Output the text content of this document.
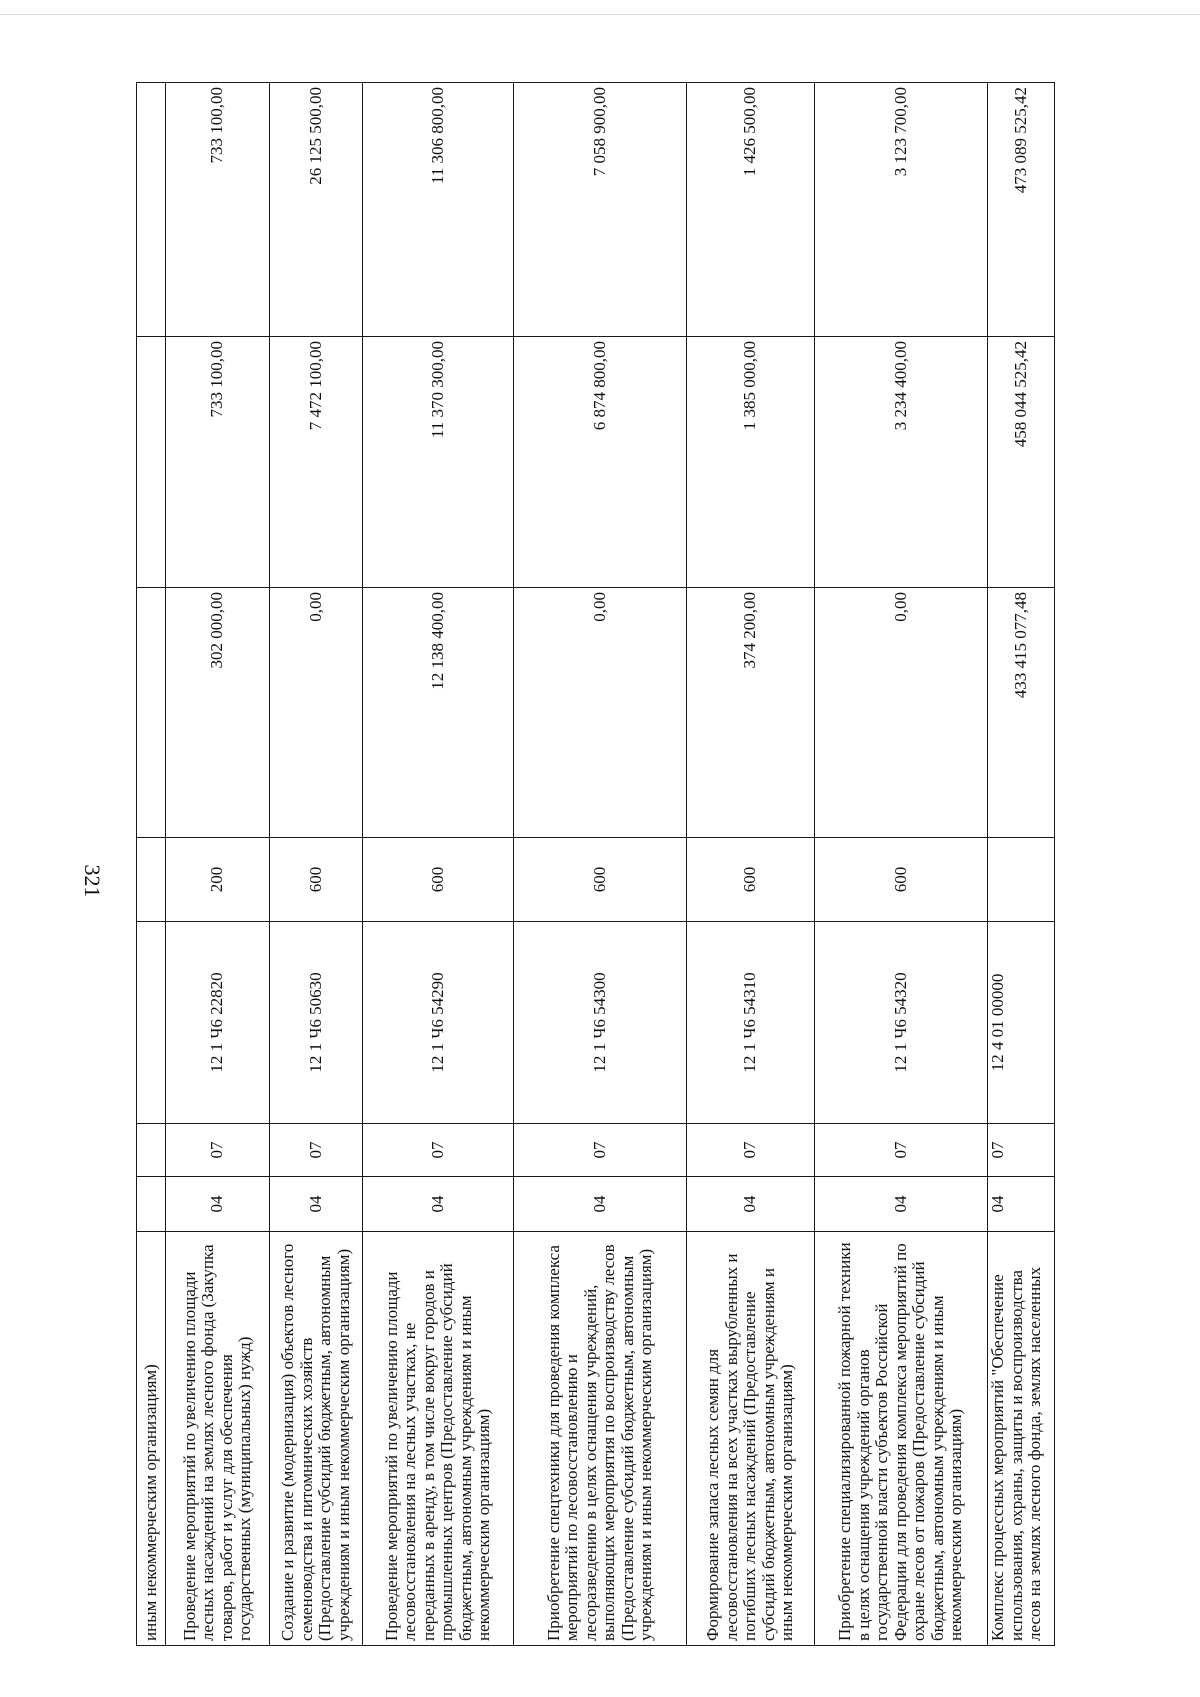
321
иным некоммерческим организациям)							
Проведение мероприятий по увеличению площади лесных насаждений на землях лесного фонда (Закупка товаров, работ и услуг для обеспечения государственных (муниципальных) нужд)	04	07	12 1 Ч6 22820	200	302 000,00	733 100,00	733 100,00
Создание и развитие (модернизация) объектов лесного семеноводства и питомнических хозяйств (Предоставление субсидий бюджетным, автономным учреждениям и иным некоммерческим организациям)	04	07	12 1 Ч6 50630	600	0,00	7 472 100,00	26 125 500,00
Проведение мероприятий по увеличению площади лесовосстановления на лесных участках, не переданных в аренду, в том числе вокруг городов и промышленных центров (Предоставление субсидий бюджетным, автономным учреждениям и иным некоммерческим организациям)	04	07	12 1 Ч6 54290	600	12 138 400,00	11 370 300,00	11 306 800,00
Приобретение спецтехники для проведения комплекса мероприятий по лесовосстановлению и лесоразведению в целях оснащения учреждений, выполняющих мероприятия по воспроизводству лесов (Предоставление субсидий бюджетным, автономным учреждениям и иным некоммерческим организациям)	04	07	12 1 Ч6 54300	600	0,00	6 874 800,00	7 058 900,00
Формирование запаса лесных семян для лесовосстановления на всех участках вырубленных и погибших лесных насаждений (Предоставление субсидий бюджетным, автономным учреждениям и иным некоммерческим организациям)	04	07	12 1 Ч6 54310	600	374 200,00	1 385 000,00	1 426 500,00
Приобретение специализированной пожарной техники в целях оснащения учреждений органов государственной власти субъектов Российской Федерации для проведения комплекса мероприятий по охране лесов от пожаров (Предоставление субсидий бюджетным, автономным учреждениям и иным некоммерческим организациям)	04	07	12 1 Ч6 54320	600	0,00	3 234 400,00	3 123 700,00
Комплекс процессных мероприятий "Обеспечение использования, охраны, защиты и воспроизводства лесов на землях лесного фонда, землях населенных	04	07	12 4 01 00000		433 415 077,48	458 044 525,42	473 089 525,42
